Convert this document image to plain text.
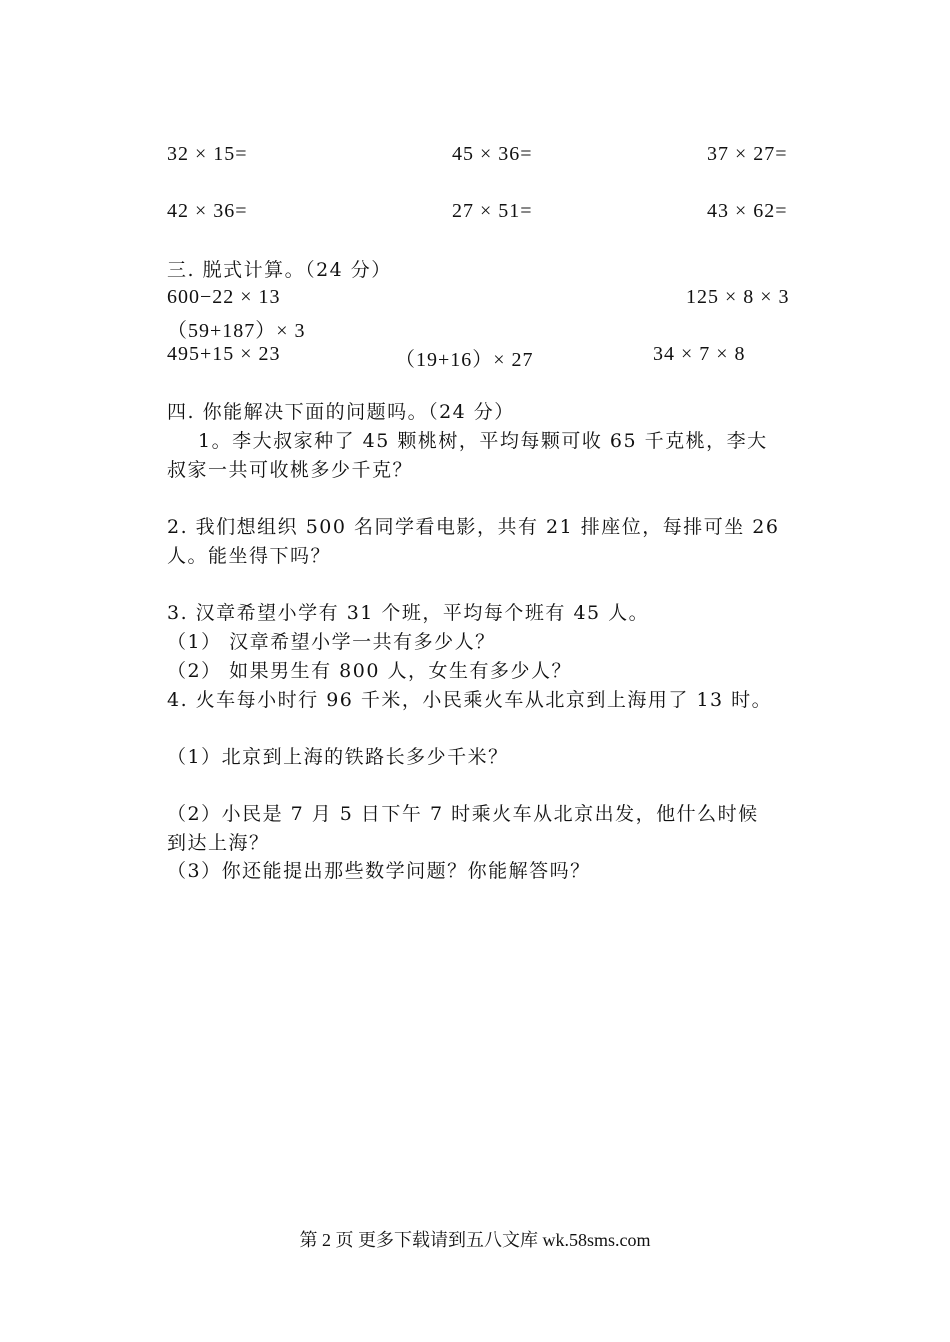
32 × 15=	45 × 36=	37 × 27=
42 × 36=	27 × 51=	43 × 62=
三. 脱式计算。（24 分）
600−22 × 13	125 × 8 × 3
（59+187）× 3
495+15 × 23	（19+16）× 27	34 × 7 × 8
四. 你能解决下面的问题吗。（24 分）
1。李大叔家种了 45 颗桃树，平均每颗可收 65 千克桃，李大
叔家一共可收桃多少千克？
2. 我们想组织 500 名同学看电影，共有 21 排座位，每排可坐 26
人。能坐得下吗？
3. 汉章希望小学有 31 个班，平均每个班有 45 人。
（1） 汉章希望小学一共有多少人？
（2） 如果男生有 800 人，女生有多少人？
4. 火车每小时行 96 千米，小民乘火车从北京到上海用了 13 时。
（1）北京到上海的铁路长多少千米？
（2）小民是 7 月 5 日下午 7 时乘火车从北京出发，他什么时候
到达上海？
（3）你还能提出那些数学问题？你能解答吗？
第 2 页 更多下载请到五八文库 wk.58sms.com
